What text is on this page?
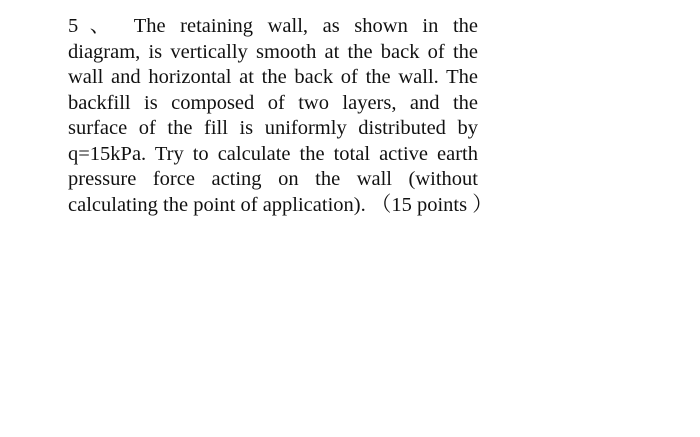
5、 The retaining wall, as shown in the
diagram, is vertically smooth at the back of the
wall and horizontal at the back of the wall. The
backfill is composed of two layers, and the
surface of the fill is uniformly distributed by
q=15kPa. Try to calculate the total active earth
pressure force acting on the wall (without
calculating the point of application). （15 points ）
